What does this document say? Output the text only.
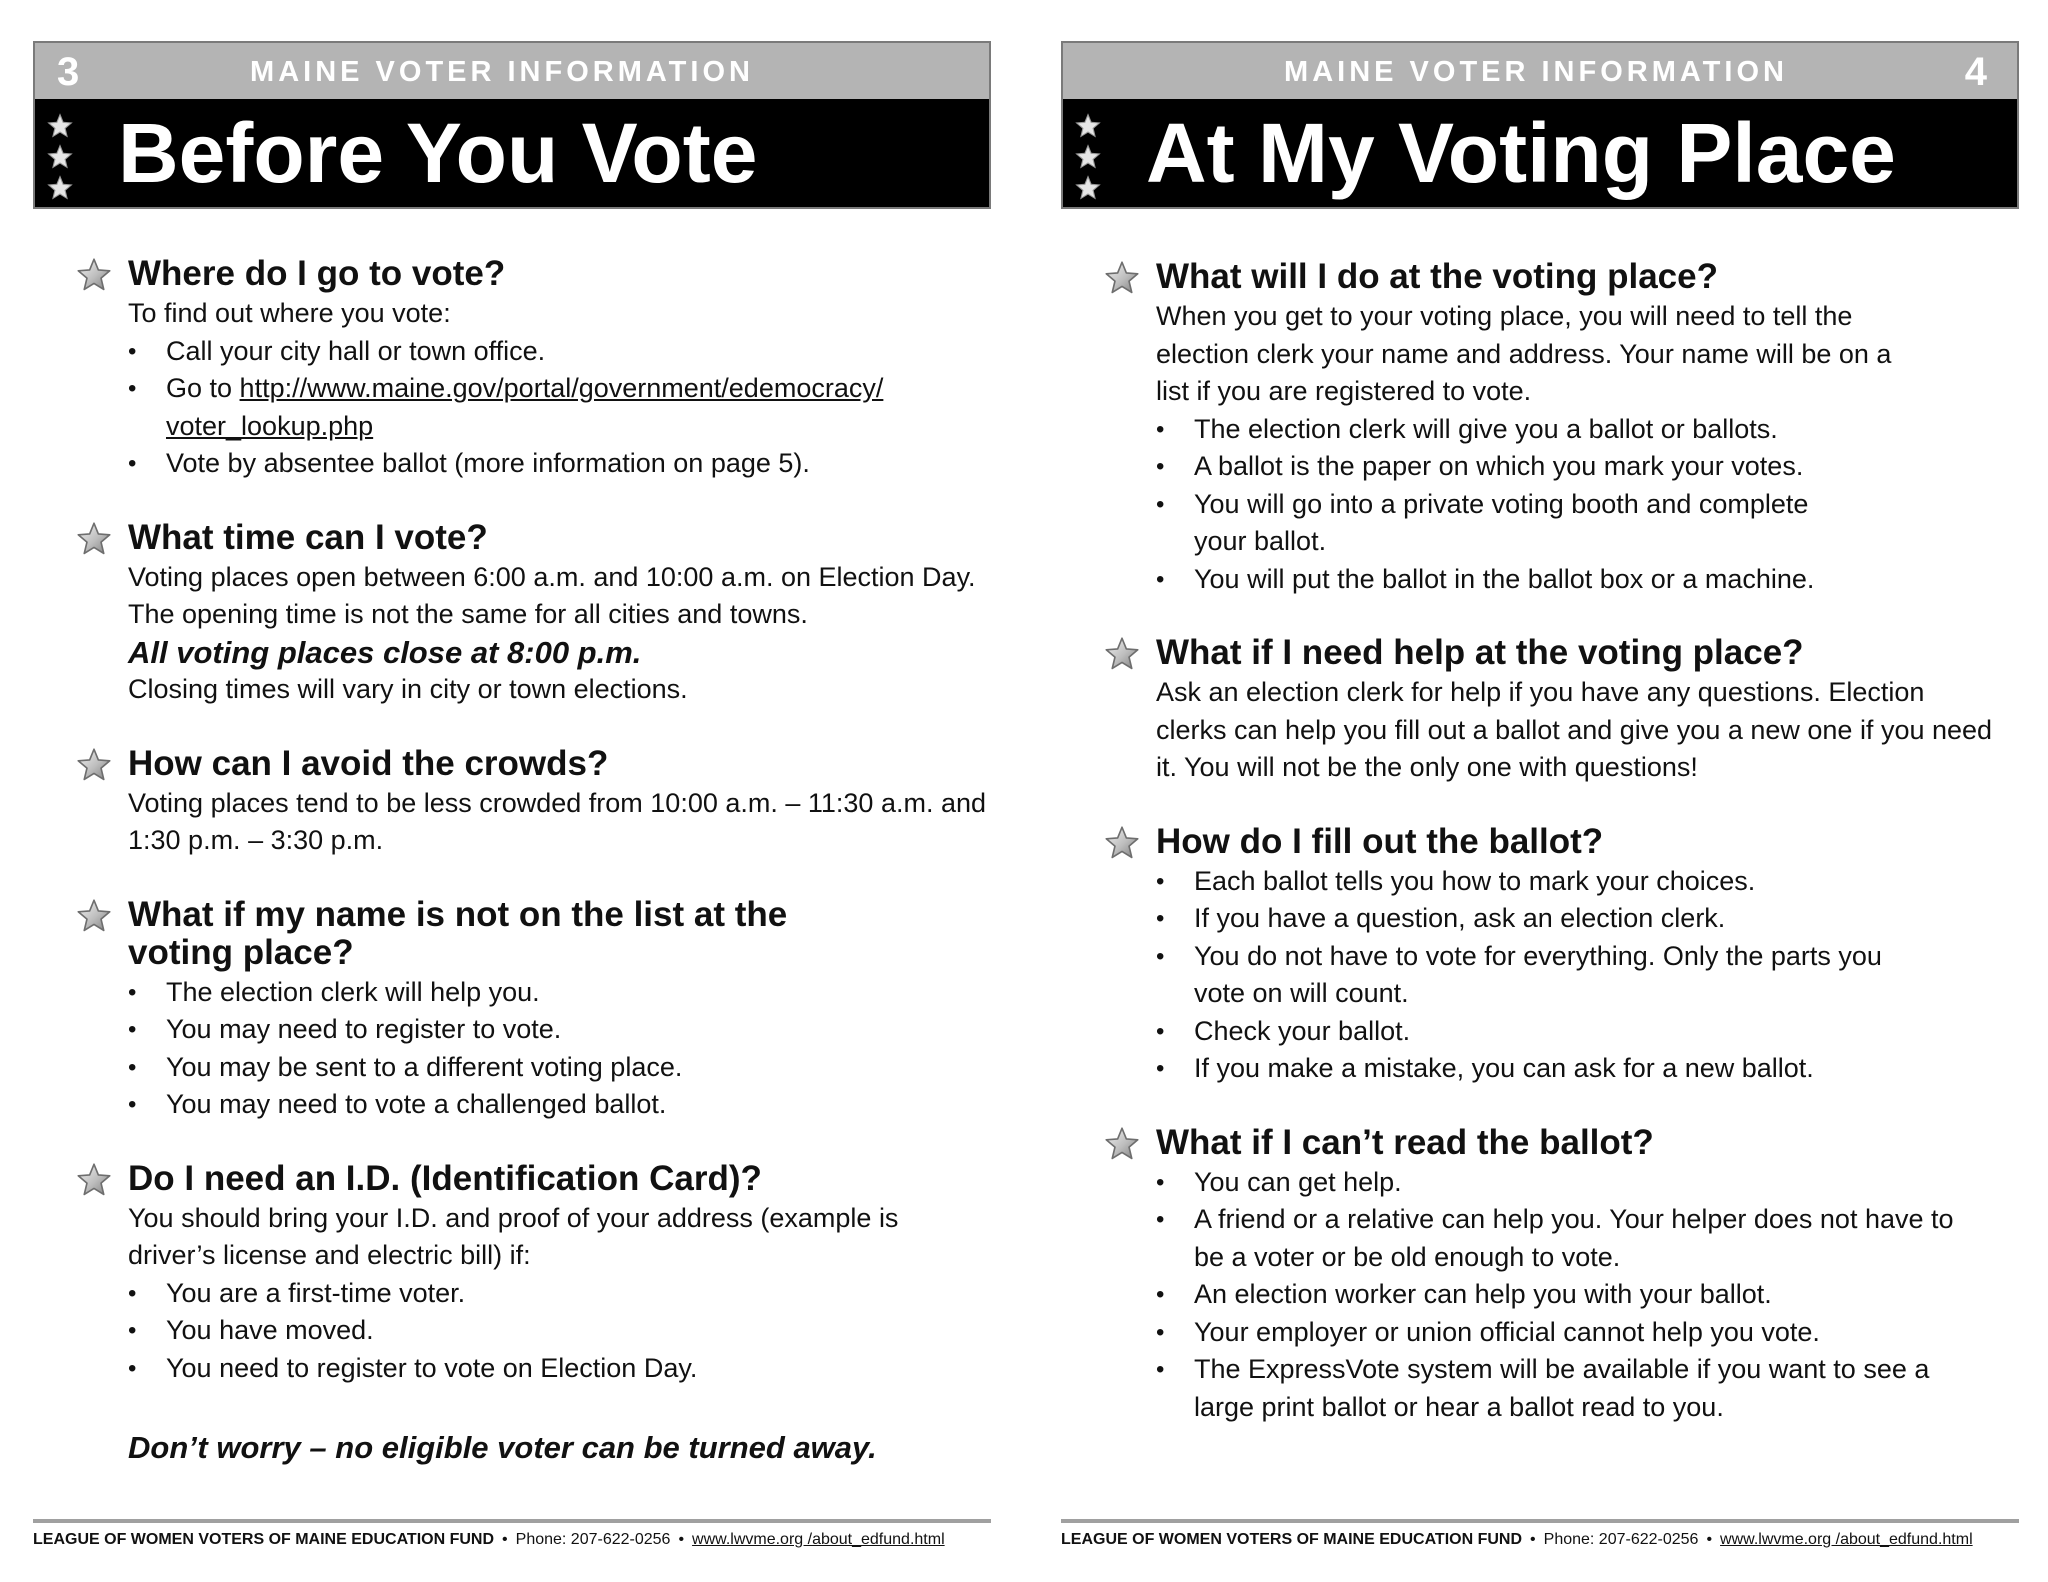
3	MAINE VOTER INFORMATION
Before You Vote
Where do I go to vote?

To find out where you vote:

• Call your city hall or town office.
• Go to http://www.maine.gov/portal/government/edemocracy/
voter_lookup.php
• Vote by absentee ballot (more information on page 5).
What time can I vote?

Voting places open between 6:00 a.m. and 10:00 a.m. on Election Day. The opening time is not the same for all cities and towns.

All voting places close at 8:00 p.m.

Closing times will vary in city or town elections.

How can I avoid the crowds?

Voting places tend to be less crowded from 10:00 a.m. – 11:30 a.m. and 1:30 p.m. – 3:30 p.m.

What if my name is not on the list at the voting place?
• The election clerk will help you.
• You may need to register to vote.
• You may be sent to a different voting place.
• You may need to vote a challenged ballot.
Do I need an I.D. (Identification Card)?

You should bring your I.D. and proof of your address (example is driver’s license and electric bill) if:

• You are a first-time voter.
• You have moved.
• You need to register to vote on Election Day.

Don’t worry – no eligible voter can be turned away.

LEAGUE OF WOMEN VOTERS OF MAINE EDUCATION FUND • Phone: 207-622-0256 • www.lwvme.org /about_edfund.html
MAINE VOTER INFORMATION	4
At My Voting Place
What will I do at the voting place?

When you get to your voting place, you will need to tell the election clerk your name and address. Your name will be on a list if you are registered to vote.

• The election clerk will give you a ballot or ballots.
• A ballot is the paper on which you mark your votes.
• You will go into a private voting booth and complete your ballot.
• You will put the ballot in the ballot box or a machine.
What if I need help at the voting place?

Ask an election clerk for help if you have any questions. Election clerks can help you fill out a ballot and give you a new one if you need it. You will not be the only one with questions!

How do I fill out the ballot?
• Each ballot tells you how to mark your choices.
• If you have a question, ask an election clerk.
• You do not have to vote for everything. Only the parts you vote on will count.
• Check your ballot.
• If you make a mistake, you can ask for a new ballot.
What if I can’t read the ballot?
• You can get help.
• A friend or a relative can help you. Your helper does not have to be a voter or be old enough to vote.
• An election worker can help you with your ballot.
• Your employer or union official cannot help you vote.
• The ExpressVote system will be available if you want to see a large print ballot or hear a ballot read to you.
LEAGUE OF WOMEN VOTERS OF MAINE EDUCATION FUND • Phone: 207-622-0256 • www.lwvme.org /about_edfund.html
